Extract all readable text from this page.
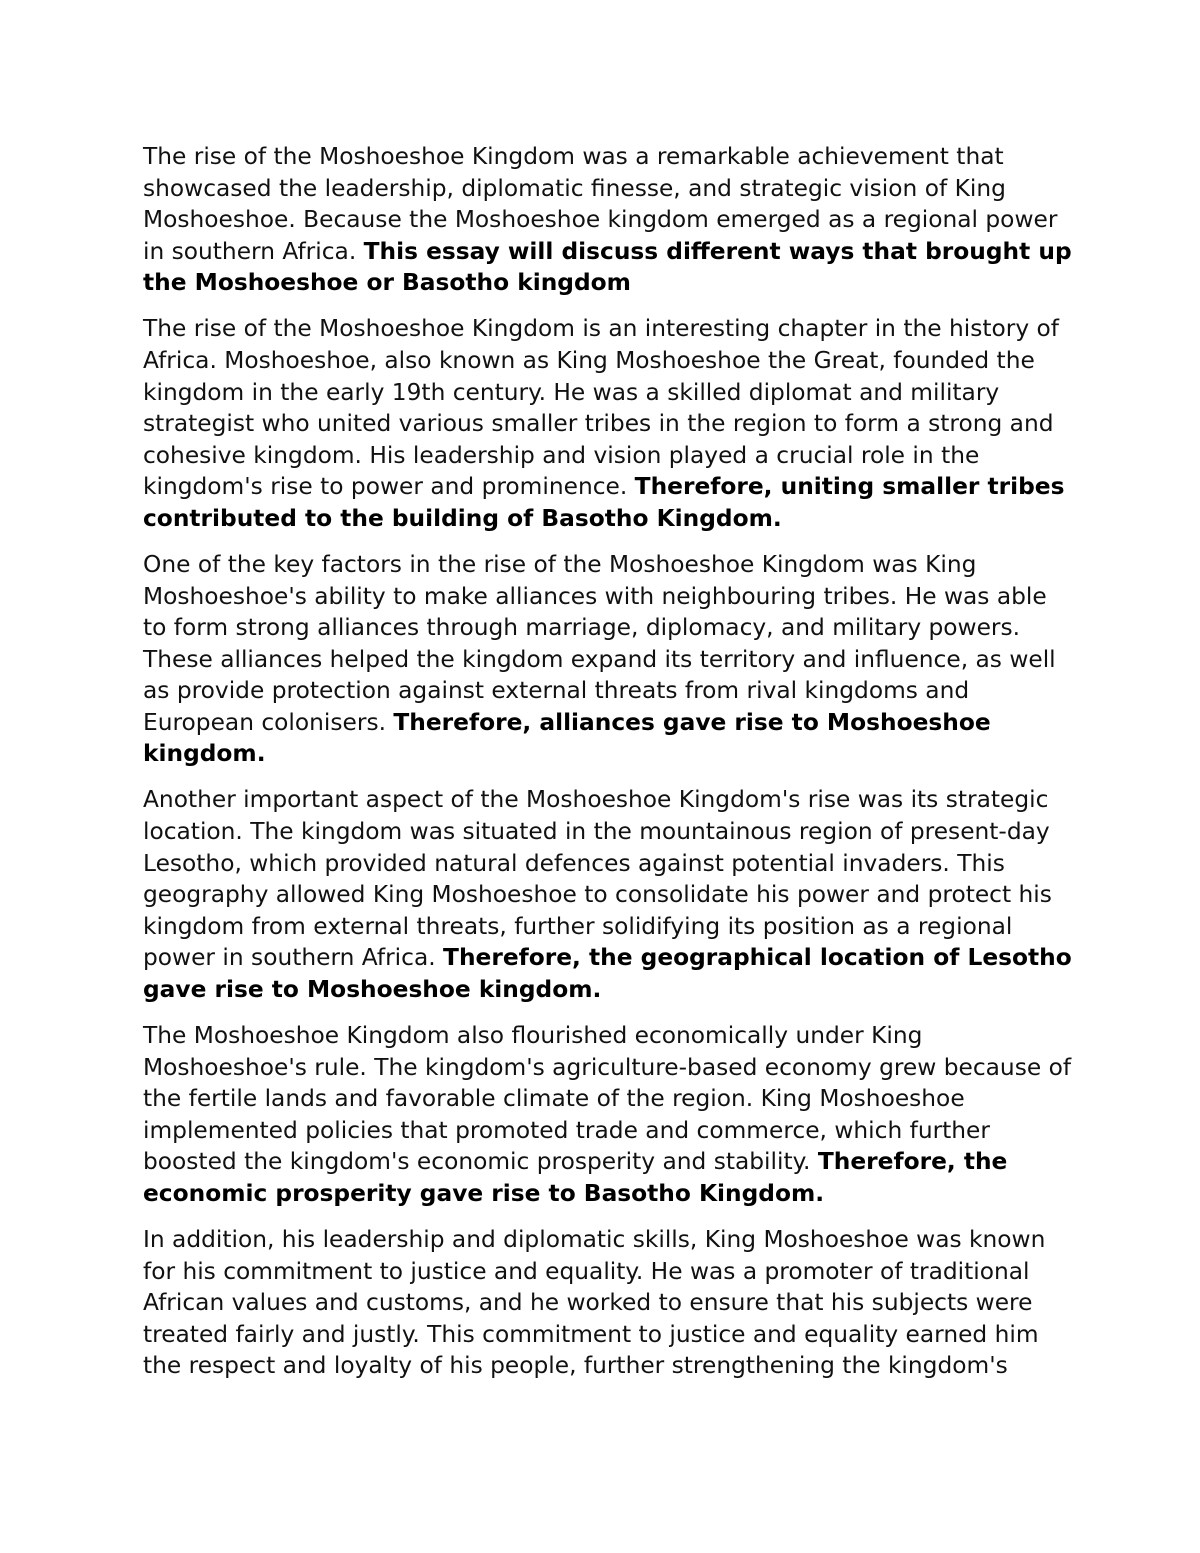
The rise of the Moshoeshoe Kingdom was a remarkable achievement that showcased the leadership, diplomatic finesse, and strategic vision of King Moshoeshoe. Because the Moshoeshoe kingdom emerged as a regional power in southern Africa. This essay will discuss different ways that brought up the Moshoeshoe or Basotho kingdom

The rise of the Moshoeshoe Kingdom is an interesting chapter in the history of Africa. Moshoeshoe, also known as King Moshoeshoe the Great, founded the kingdom in the early 19th century. He was a skilled diplomat and military strategist who united various smaller tribes in the region to form a strong and cohesive kingdom. His leadership and vision played a crucial role in the kingdom's rise to power and prominence. Therefore, uniting smaller tribes contributed to the building of Basotho Kingdom.

One of the key factors in the rise of the Moshoeshoe Kingdom was King Moshoeshoe's ability to make alliances with neighbouring tribes. He was able to form strong alliances through marriage, diplomacy, and military powers. These alliances helped the kingdom expand its territory and influence, as well as provide protection against external threats from rival kingdoms and European colonisers. Therefore, alliances gave rise to Moshoeshoe kingdom.

Another important aspect of the Moshoeshoe Kingdom's rise was its strategic location. The kingdom was situated in the mountainous region of present-day Lesotho, which provided natural defences against potential invaders. This geography allowed King Moshoeshoe to consolidate his power and protect his kingdom from external threats, further solidifying its position as a regional power in southern Africa. Therefore, the geographical location of Lesotho gave rise to Moshoeshoe kingdom.

The Moshoeshoe Kingdom also flourished economically under King Moshoeshoe's rule. The kingdom's agriculture-based economy grew because of the fertile lands and favorable climate of the region. King Moshoeshoe implemented policies that promoted trade and commerce, which further boosted the kingdom's economic prosperity and stability. Therefore, the economic prosperity gave rise to Basotho Kingdom.

In addition, his leadership and diplomatic skills, King Moshoeshoe was known for his commitment to justice and equality. He was a promoter of traditional African values and customs, and he worked to ensure that his subjects were treated fairly and justly. This commitment to justice and equality earned him the respect and loyalty of his people, further strengthening the kingdom's
